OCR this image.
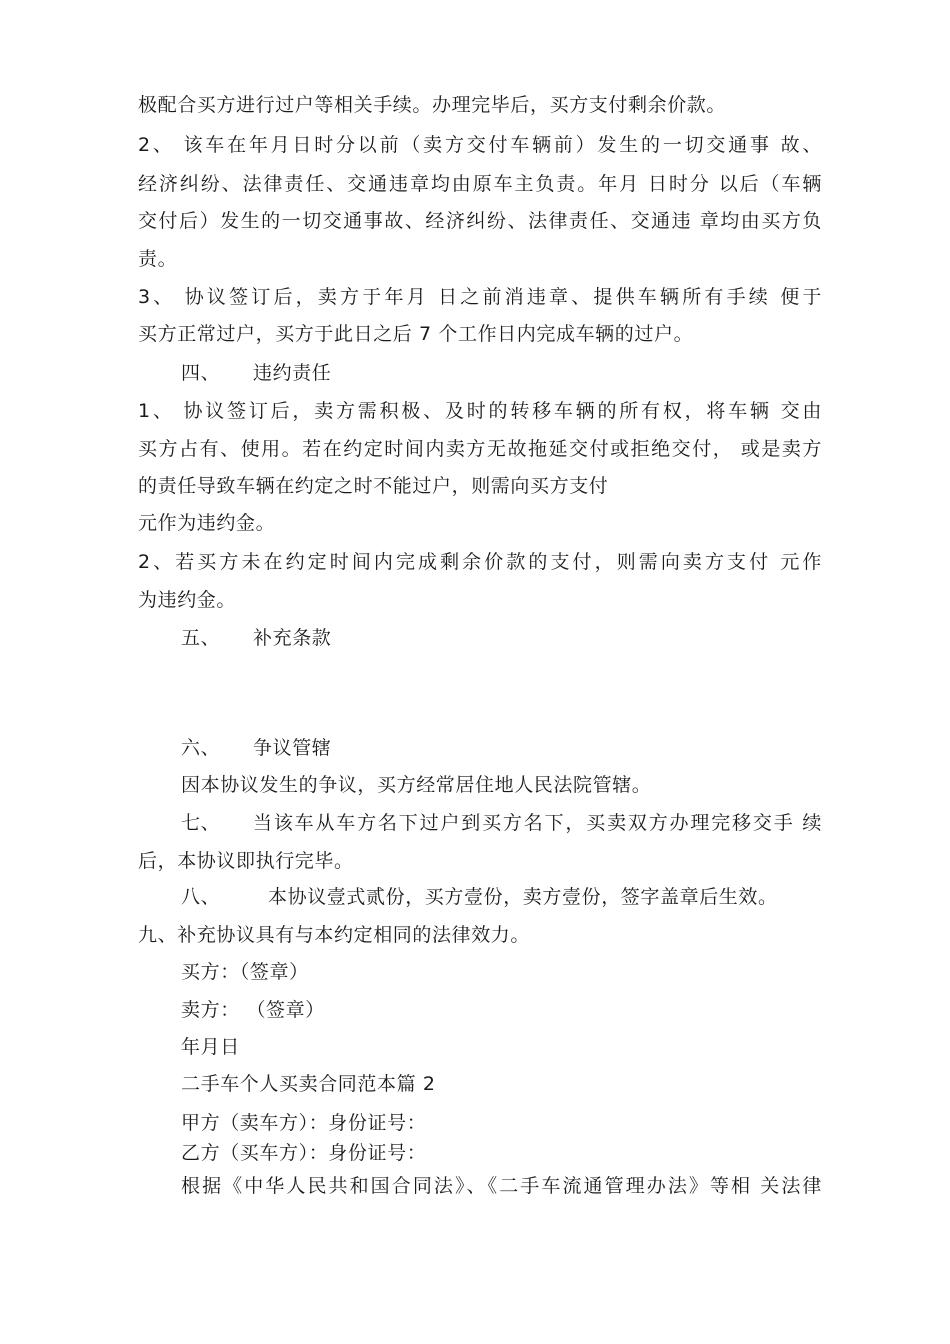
极配合买方进行过户等相关手续。办理完毕后，买方支付剩余价款。
2、 该车在年月日时分以前（卖方交付车辆前）发生的一切交通事 故、
经济纠纷、法律责任、交通违章均由原车主负责。年月 日时分 以后（车辆
交付后）发生的一切交通事故、经济纠纷、法律责任、交通违 章均由买方负
责。
3、 协议签订后，卖方于年月 日之前消违章、提供车辆所有手续 便于
买方正常过户，买方于此日之后 7 个工作日内完成车辆的过户。
四、 违约责任
1、 协议签订后，卖方需积极、及时的转移车辆的所有权，将车辆 交由
买方占有、使用。若在约定时间内卖方无故拖延交付或拒绝交付， 或是卖方
的责任导致车辆在约定之时不能过户，则需向买方支付
元作为违约金。
2、若买方未在约定时间内完成剩余价款的支付，则需向卖方支付 元作
为违约金。
五、 补充条款
六、 争议管辖
因本协议发生的争议，买方经常居住地人民法院管辖。
七、 当该车从车方名下过户到买方名下，买卖双方办理完移交手 续
后，本协议即执行完毕。
八、	本协议壹式贰份，买方壹份，卖方壹份，签字盖章后生效。
九、补充协议具有与本约定相同的法律效力。
买方：（签章）
卖方： （签章）
年月日
二手车个人买卖合同范本篇 2
甲方（卖车方）：身份证号：
乙方（买车方）：身份证号：
根据《中华人民共和国合同法》、《二手车流通管理办法》等相 关法律
